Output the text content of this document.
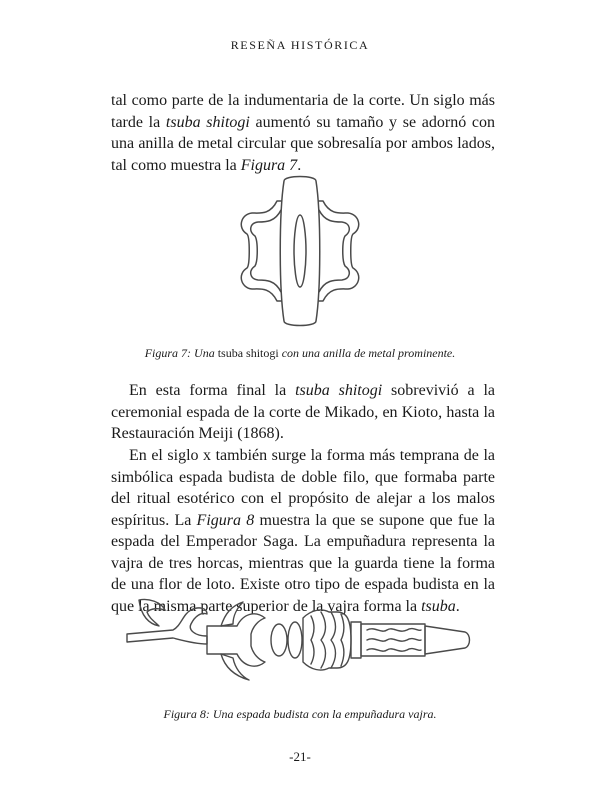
RESEÑA HISTÓRICA

tal como parte de la indumentaria de la corte. Un siglo más tarde la tsuba shitogi aumentó su tamaño y se adornó con una anilla de metal circular que sobresalía por ambos lados, tal como muestra la Figura 7.

Figura 7: Una tsuba shitogi con una anilla de metal prominente.

En esta forma final la tsuba shitogi sobrevivió a la ceremonial espada de la corte de Mikado, en Kioto, hasta la Restauración Meiji (1868).

En el siglo x también surge la forma más temprana de la simbólica espada budista de doble filo, que formaba parte del ritual esotérico con el propósito de alejar a los malos espíritus. La Figura 8 muestra la que se supone que fue la espada del Emperador Saga. La empuñadura representa la vajra de tres horcas, mientras que la guarda tiene la forma de una flor de loto. Existe otro tipo de espada budista en la que la misma parte superior de la vajra forma la tsuba.

Figura 8: Una espada budista con la empuñadura vajra.

-21-
